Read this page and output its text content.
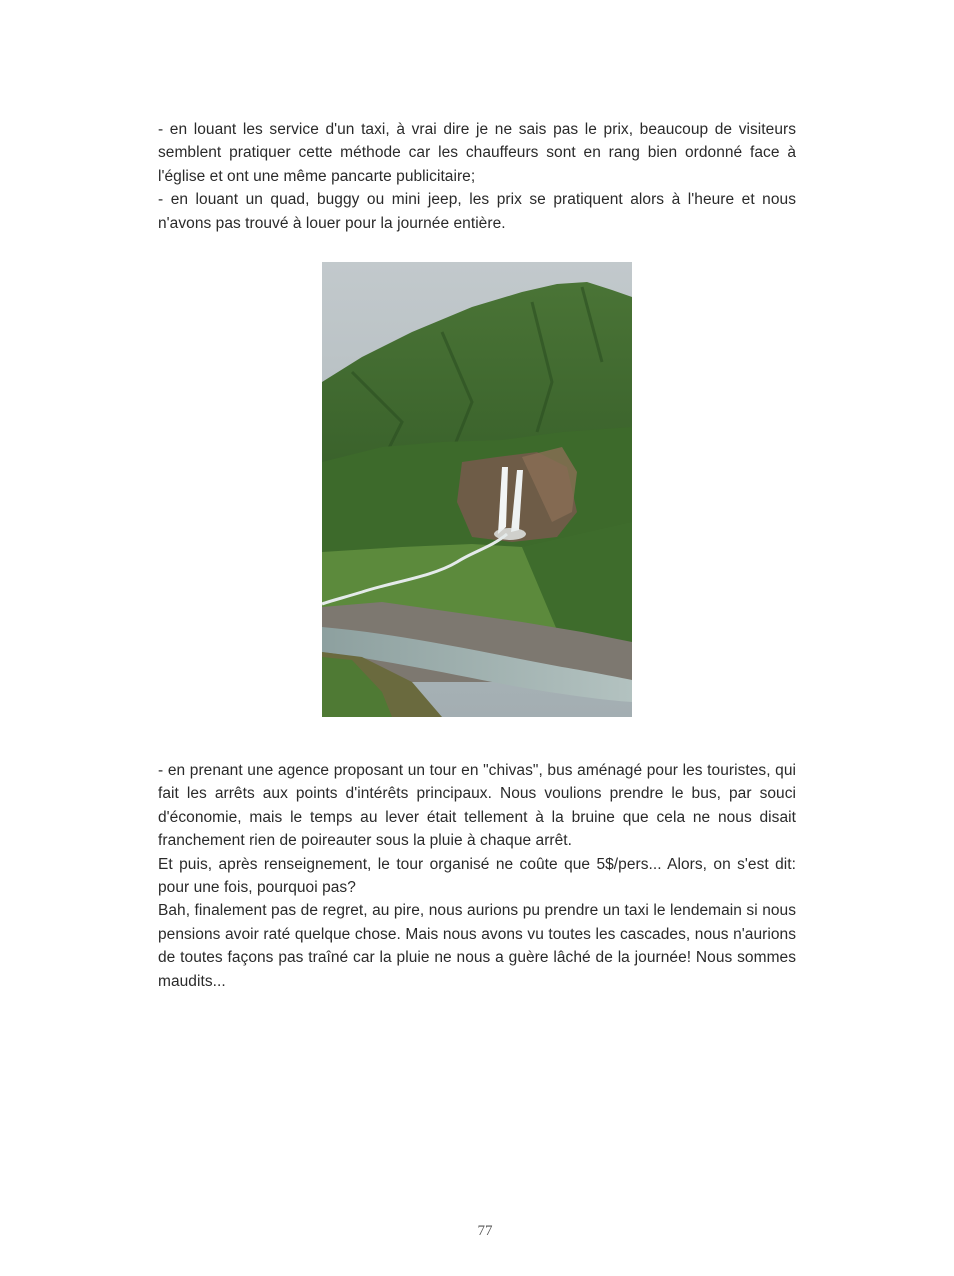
- en louant les service d'un taxi, à vrai dire je ne sais pas le prix, beaucoup de visiteurs semblent pratiquer cette méthode car les chauffeurs sont en rang bien ordonné face à l'église et ont une même pancarte publicitaire;

- en louant un quad, buggy ou mini jeep, les prix se pratiquent alors à l'heure et nous n'avons pas trouvé à louer pour la journée entière.

- en prenant une agence proposant un tour en "chivas", bus aménagé pour les touristes, qui fait les arrêts aux points d'intérêts principaux. Nous voulions prendre le bus, par souci d'économie, mais le temps au lever était tellement à la bruine que cela ne nous disait franchement rien de poireauter sous la pluie à chaque arrêt.

Et puis, après renseignement, le tour organisé ne coûte que 5$/pers... Alors, on s'est dit: pour une fois, pourquoi pas?

Bah, finalement pas de regret, au pire, nous aurions pu prendre un taxi le lendemain si nous pensions avoir raté quelque chose. Mais nous avons vu toutes les cascades, nous n'aurions de toutes façons pas traîné car la pluie ne nous a guère lâché de la journée! Nous sommes maudits...

77
